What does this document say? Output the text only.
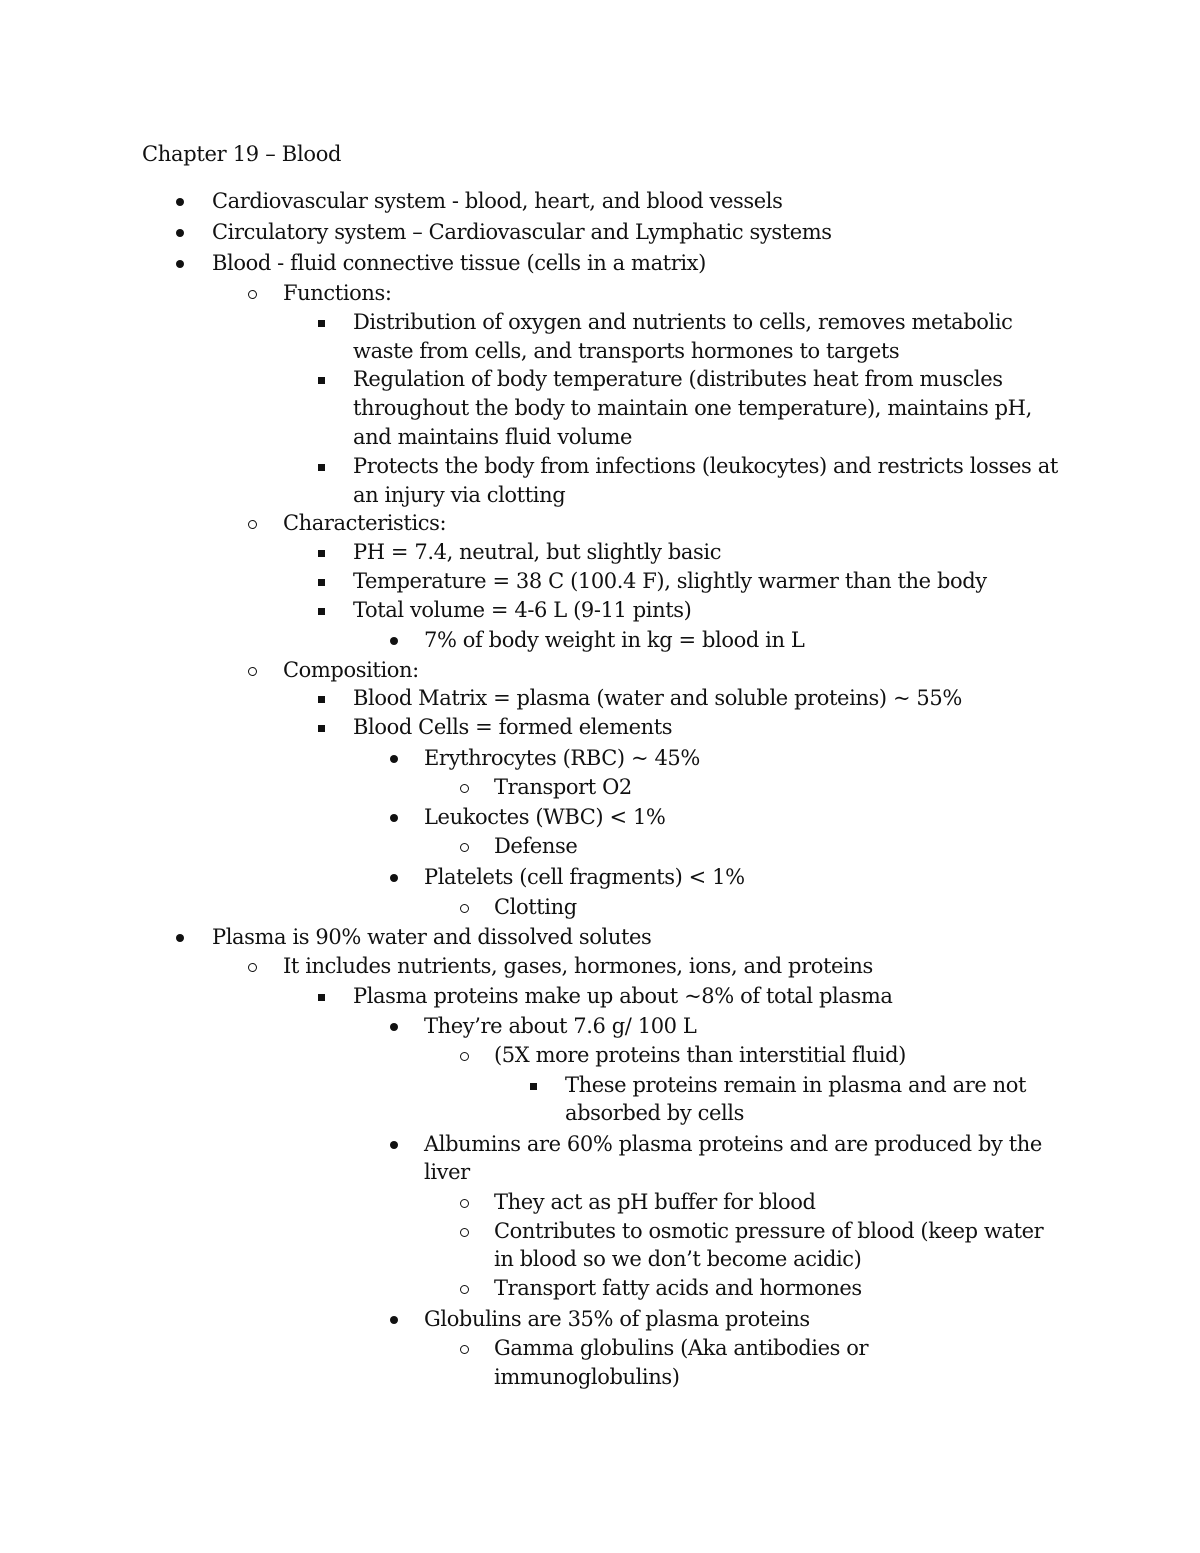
Chapter 19 – Blood
Cardiovascular system - blood, heart, and blood vessels
Circulatory system – Cardiovascular and Lymphatic systems
Blood - fluid connective tissue (cells in a matrix)
Functions:
Distribution of oxygen and nutrients to cells, removes metabolic
waste from cells, and transports hormones to targets
Regulation of body temperature (distributes heat from muscles
throughout the body to maintain one temperature), maintains pH,
and maintains fluid volume
Protects the body from infections (leukocytes) and restricts losses at
an injury via clotting
Characteristics:
PH = 7.4, neutral, but slightly basic
Temperature = 38 C (100.4 F), slightly warmer than the body
Total volume = 4-6 L (9-11 pints)
7% of body weight in kg = blood in L
Composition:
Blood Matrix = plasma (water and soluble proteins) ~ 55%
Blood Cells = formed elements
Erythrocytes (RBC) ~ 45%
Transport O2
Leukoctes (WBC) < 1%
Defense
Platelets (cell fragments) < 1%
Clotting
Plasma is 90% water and dissolved solutes
It includes nutrients, gases, hormones, ions, and proteins
Plasma proteins make up about ~8% of total plasma
They’re about 7.6 g/ 100 L
(5X more proteins than interstitial fluid)
These proteins remain in plasma and are not
absorbed by cells
Albumins are 60% plasma proteins and are produced by the
liver
They act as pH buffer for blood
Contributes to osmotic pressure of blood (keep water
in blood so we don’t become acidic)
Transport fatty acids and hormones
Globulins are 35% of plasma proteins
Gamma globulins (Aka antibodies or
immunoglobulins)
